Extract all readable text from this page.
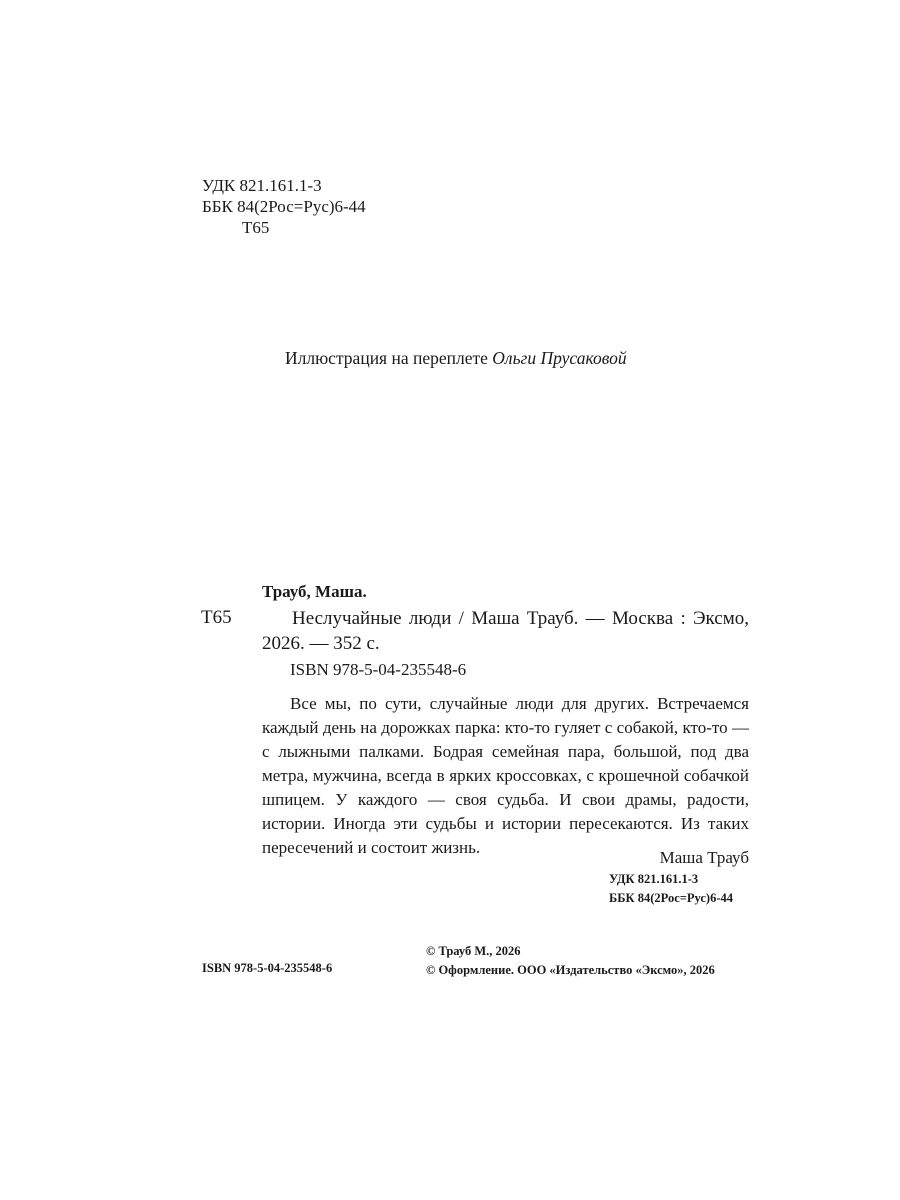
УДК 821.161.1-3
ББК 84(2Рос=Рус)6-44
Т65
Иллюстрация на переплете Ольги Прусаковой
Трауб, Маша.
Т65	Неслучайные люди / Маша Трауб. — Москва : Эксмо, 2026. — 352 с.
ISBN 978-5-04-235548-6
Все мы, по сути, случайные люди для других. Встречаемся каждый день на дорожках парка: кто-то гуляет с собакой, кто-то — с лыжными палками. Бодрая семейная пара, большой, под два метра, мужчина, всегда в ярких кроссовках, с крошечной собачкой шпицем. У каждого — своя судьба. И свои драмы, радости, истории. Иногда эти судьбы и истории пересекаются. Из таких пересечений и состоит жизнь.
Маша Трауб
УДК 821.161.1-3
ББК 84(2Рос=Рус)6-44
© Трауб М., 2026
© Оформление. ООО «Издательство «Эксмо», 2026
ISBN 978-5-04-235548-6
